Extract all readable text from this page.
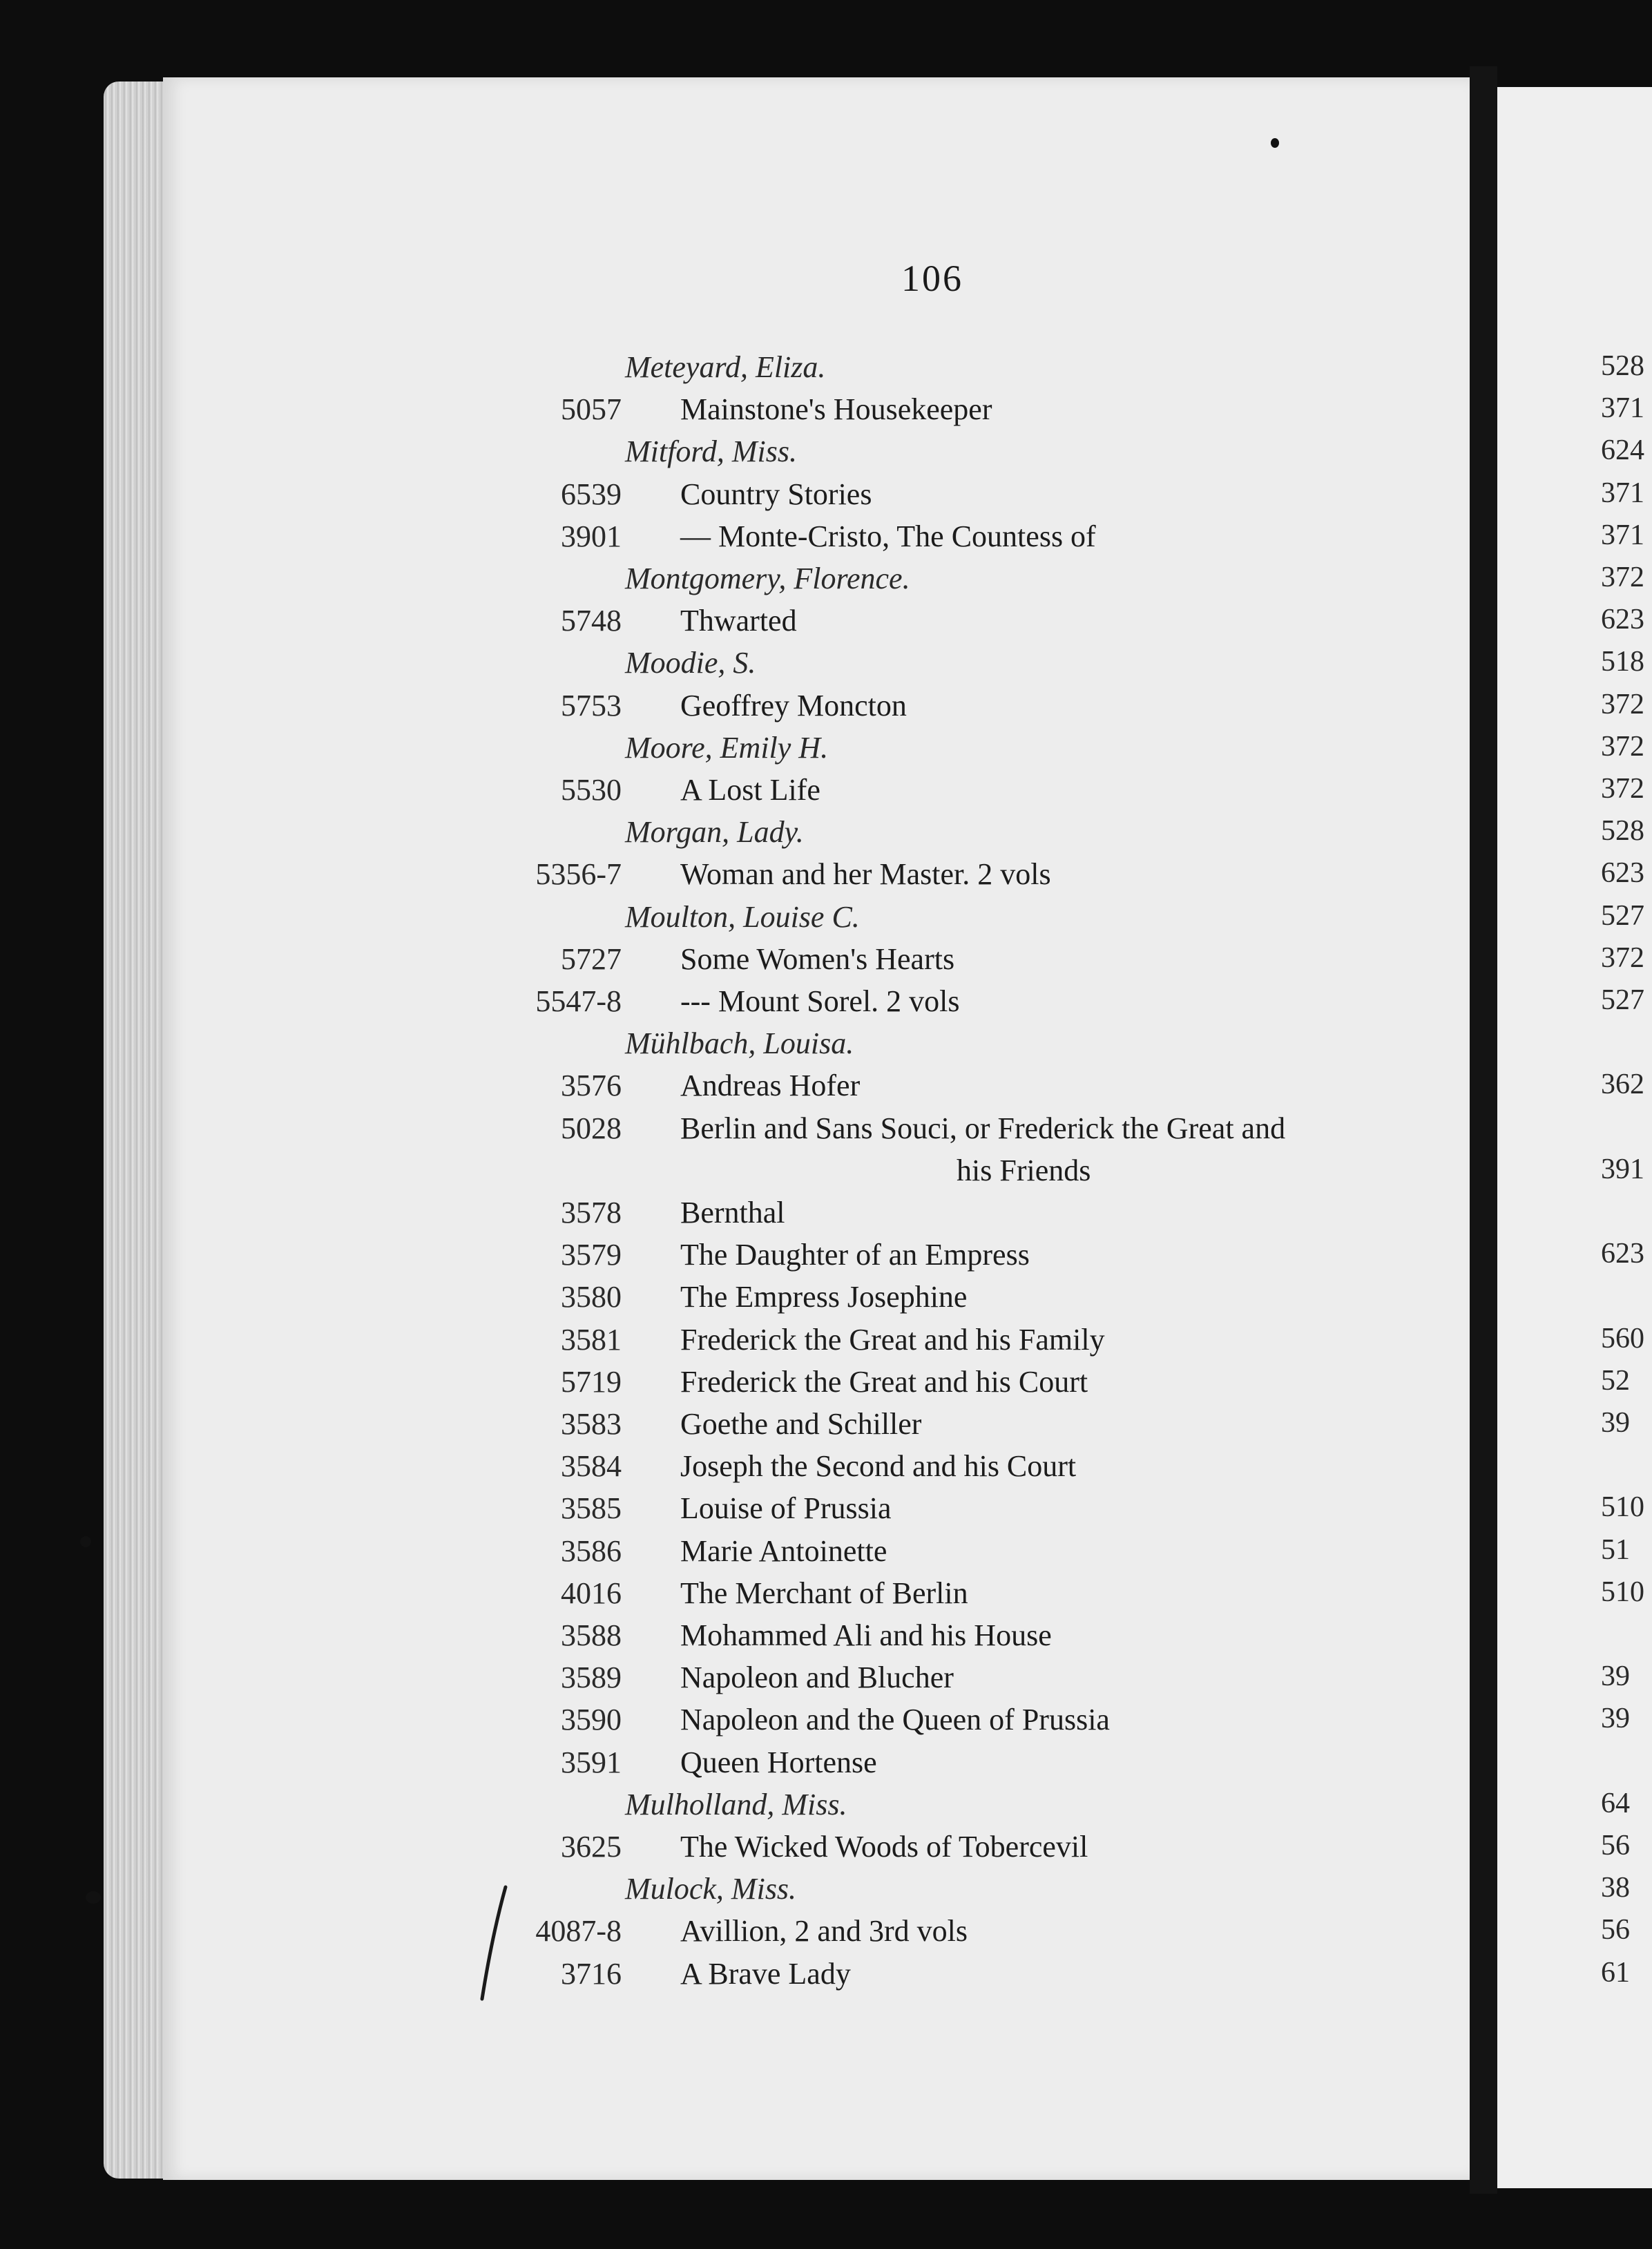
106
Meteyard, Eliza.
5057 Mainstone's Housekeeper
Mitford, Miss.
6539 Country Stories
3901 — Monte-Cristo, The Countess of
Montgomery, Florence.
5748 Thwarted
Moodie, S.
5753 Geoffrey Moncton
Moore, Emily H.
5530 A Lost Life
Morgan, Lady.
5356-7 Woman and her Master. 2 vols
Moulton, Louise C.
5727 Some Women's Hearts
5547-8 --- Mount Sorel. 2 vols
Mühlbach, Louisa.
3576 Andreas Hofer
5028 Berlin and Sans Souci, or Frederick the Great and
his Friends
3578 Bernthal
3579 The Daughter of an Empress
3580 The Empress Josephine
3581 Frederick the Great and his Family
5719 Frederick the Great and his Court
3583 Goethe and Schiller
3584 Joseph the Second and his Court
3585 Louise of Prussia
3586 Marie Antoinette
4016 The Merchant of Berlin
3588 Mohammed Ali and his House
3589 Napoleon and Blucher
3590 Napoleon and the Queen of Prussia
3591 Queen Hortense
Mulholland, Miss.
3625 The Wicked Woods of Tobercevil
Mulock, Miss.
4087-8 Avillion, 2 and 3rd vols
3716 A Brave Lady
528
371
624
371
371
372
623
518
372
372
372
528
623
527
372
527
362
391
623
560
52
39
510
51
510
39
39
64
56
38
56
61
